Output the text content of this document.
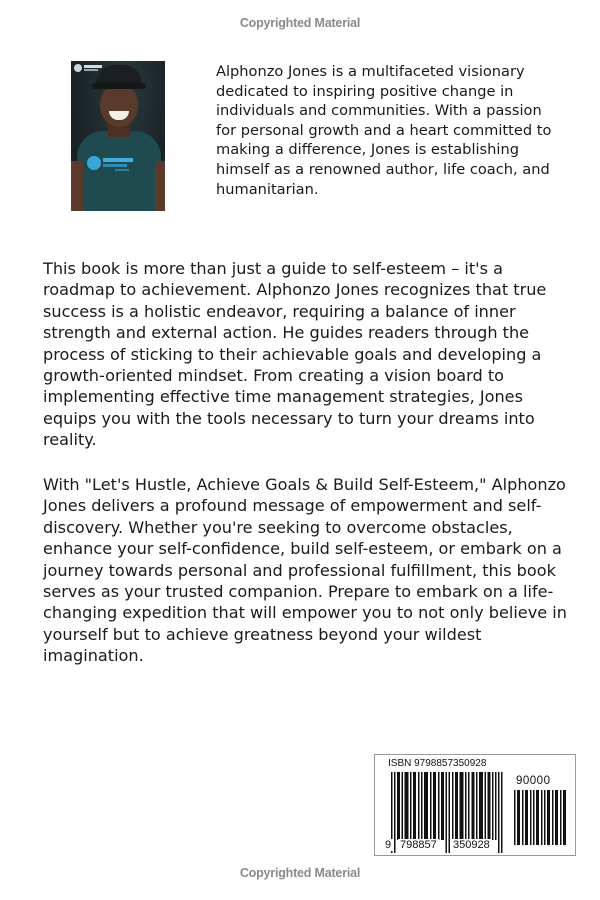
Copyrighted Material

Alphonzo Jones is a multifaceted visionary dedicated to inspiring positive change in individuals and communities. With a passion for personal growth and a heart committed to making a difference, Jones is establishing himself as a renowned author, life coach, and humanitarian.

This book is more than just a guide to self-esteem – it's a roadmap to achievement. Alphonzo Jones recognizes that true success is a holistic endeavor, requiring a balance of inner strength and external action. He guides readers through the process of sticking to their achievable goals and developing a growth-oriented mindset. From creating a vision board to implementing effective time management strategies, Jones equips you with the tools necessary to turn your dreams into reality.

With "Let's Hustle, Achieve Goals & Build Self-Esteem," Alphonzo Jones delivers a profound message of empowerment and self-discovery. Whether you're seeking to overcome obstacles, enhance your self-confidence, build self-esteem, or embark on a journey towards personal and professional fulfillment, this book serves as your trusted companion. Prepare to embark on a life-changing expedition that will empower you to not only believe in yourself but to achieve greatness beyond your wildest imagination.

ISBN 9798857350928
90000
9 798857 350928
Copyrighted Material
